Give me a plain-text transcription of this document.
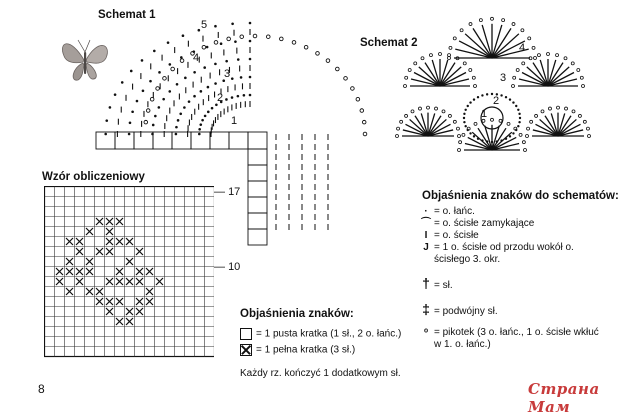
Schemat 1
1
2
3
4
5
Schemat 2	4
3
2
1
Wzór obliczeniowy
— 17
— 10
Objaśnienia znaków:
= 1 pusta kratka (1 sł., 2 o. łańc.)
= 1 pełna kratka (3 sł.)
Każdy rz. kończyć 1 dodatkowym sł.
Objaśnienia znaków do schematów:
· = o. łańc.
⌒ = o. ścisłe zamykające
I = o. ścisłe
J = 1 o. ścisłe od przodu wokół o.
ścisłego 3. okr.
† = sł.
‡ = podwójny sł.
ᵒ = pikotek (3 o. łańc., 1 o. ścisłe wkłuć
w 1. o. łańc.)
8	Страна Мам
